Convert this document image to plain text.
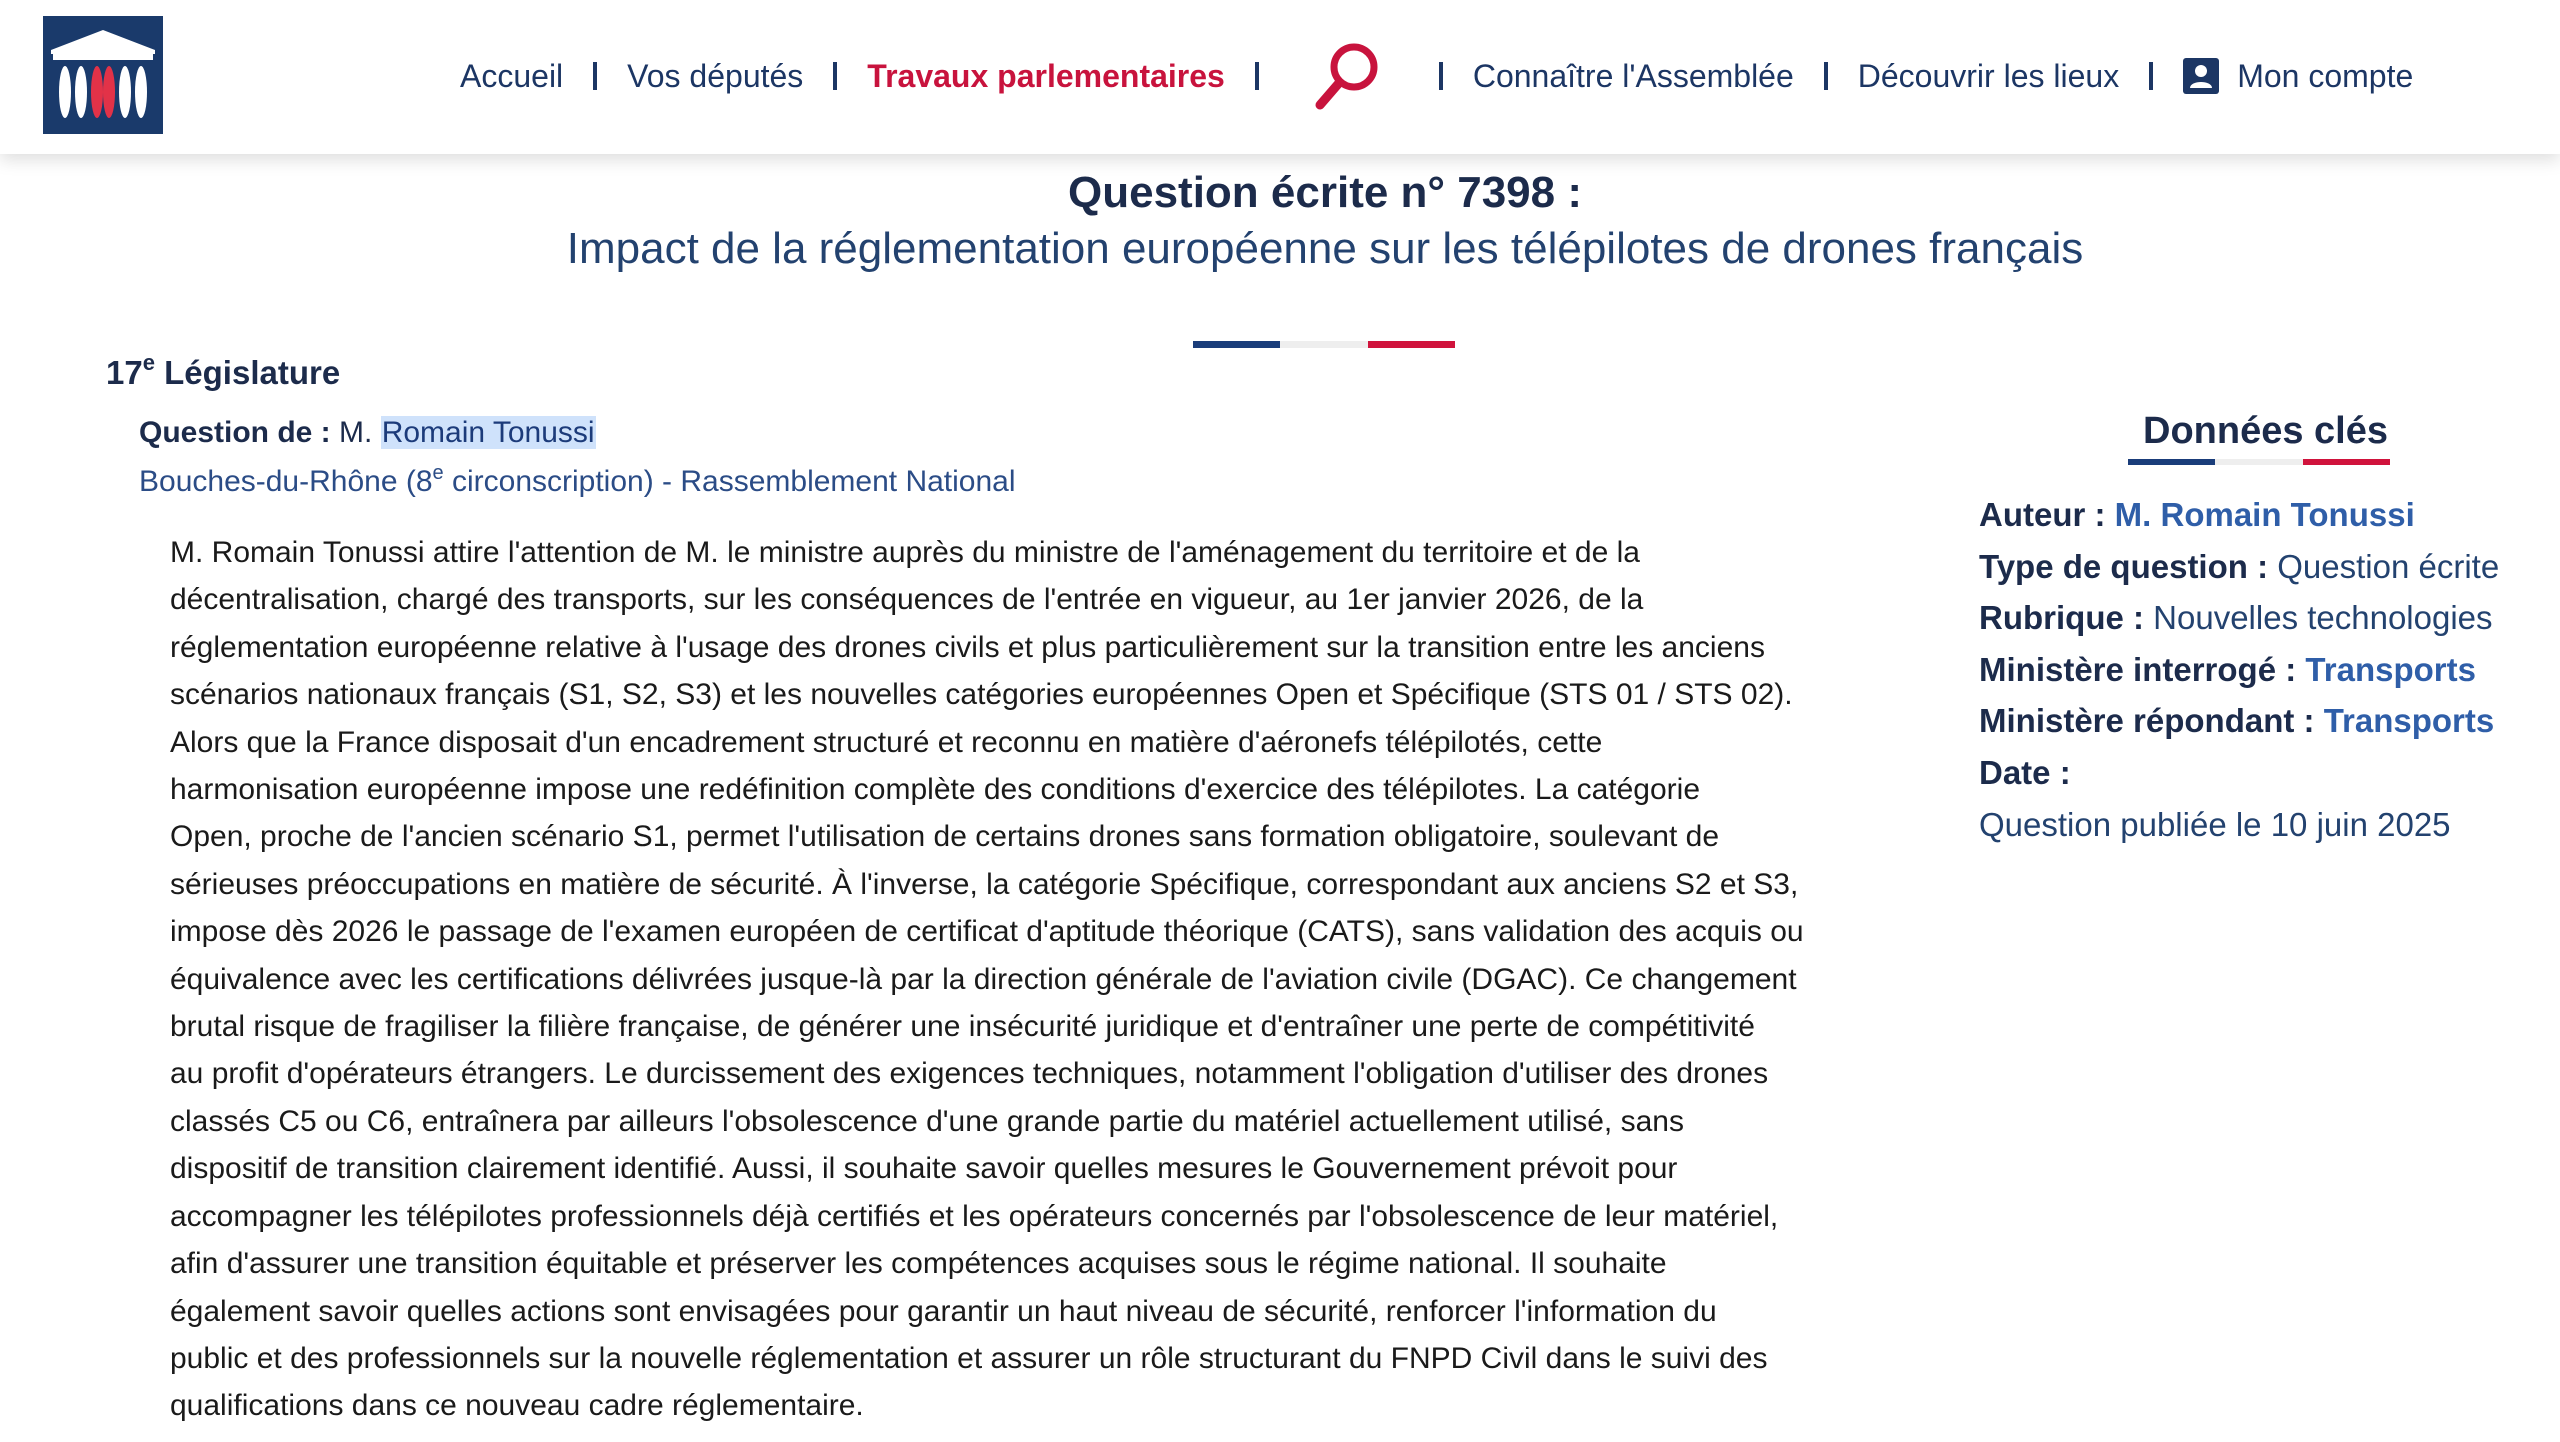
Accueil Vos députés Travaux parlementaires	Connaître l'Assemblée Découvrir les lieux	Mon compte
Question écrite n° 7398 :
Impact de la réglementation européenne sur les télépilotes de drones français
17e Législature
Question de : M. Romain Tonussi
Bouches-du-Rhône (8e circonscription) - Rassemblement National
M. Romain Tonussi attire l'attention de M. le ministre auprès du ministre de l'aménagement du territoire et de la
décentralisation, chargé des transports, sur les conséquences de l'entrée en vigueur, au 1er janvier 2026, de la
réglementation européenne relative à l'usage des drones civils et plus particulièrement sur la transition entre les anciens
scénarios nationaux français (S1, S2, S3) et les nouvelles catégories européennes Open et Spécifique (STS 01 / STS 02).
Alors que la France disposait d'un encadrement structuré et reconnu en matière d'aéronefs télépilotés, cette
harmonisation européenne impose une redéfinition complète des conditions d'exercice des télépilotes. La catégorie
Open, proche de l'ancien scénario S1, permet l'utilisation de certains drones sans formation obligatoire, soulevant de
sérieuses préoccupations en matière de sécurité. À l'inverse, la catégorie Spécifique, correspondant aux anciens S2 et S3,
impose dès 2026 le passage de l'examen européen de certificat d'aptitude théorique (CATS), sans validation des acquis ou
équivalence avec les certifications délivrées jusque-là par la direction générale de l'aviation civile (DGAC). Ce changement
brutal risque de fragiliser la filière française, de générer une insécurité juridique et d'entraîner une perte de compétitivité
au profit d'opérateurs étrangers. Le durcissement des exigences techniques, notamment l'obligation d'utiliser des drones
classés C5 ou C6, entraînera par ailleurs l'obsolescence d'une grande partie du matériel actuellement utilisé, sans
dispositif de transition clairement identifié. Aussi, il souhaite savoir quelles mesures le Gouvernement prévoit pour
accompagner les télépilotes professionnels déjà certifiés et les opérateurs concernés par l'obsolescence de leur matériel,
afin d'assurer une transition équitable et préserver les compétences acquises sous le régime national. Il souhaite
également savoir quelles actions sont envisagées pour garantir un haut niveau de sécurité, renforcer l'information du
public et des professionnels sur la nouvelle réglementation et assurer un rôle structurant du FNPD Civil dans le suivi des
qualifications dans ce nouveau cadre réglementaire.
Données clés
Auteur : M. Romain Tonussi
Type de question : Question écrite
Rubrique : Nouvelles technologies
Ministère interrogé : Transports
Ministère répondant : Transports
Date :
Question publiée le 10 juin 2025
